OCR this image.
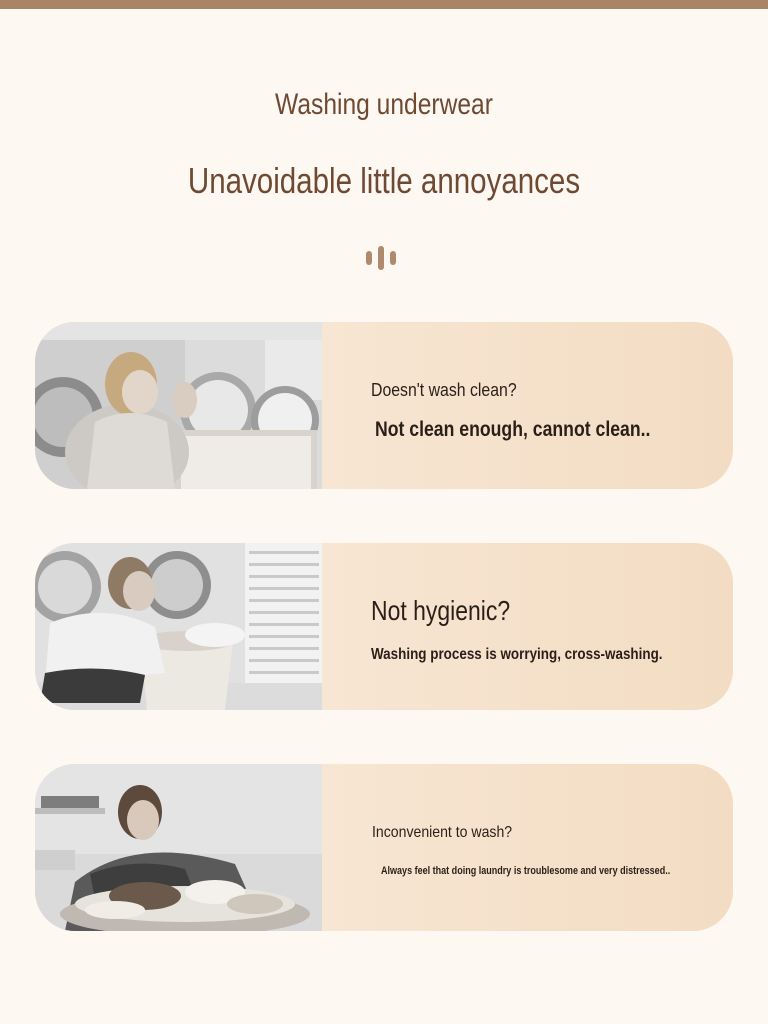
Washing underwear
Unavoidable little annoyances
Doesn't wash clean?
Not clean enough, cannot clean..
Not hygienic?
Washing process is worrying, cross-washing.
Inconvenient to wash?
Always feel that doing laundry is troublesome and very distressed..
